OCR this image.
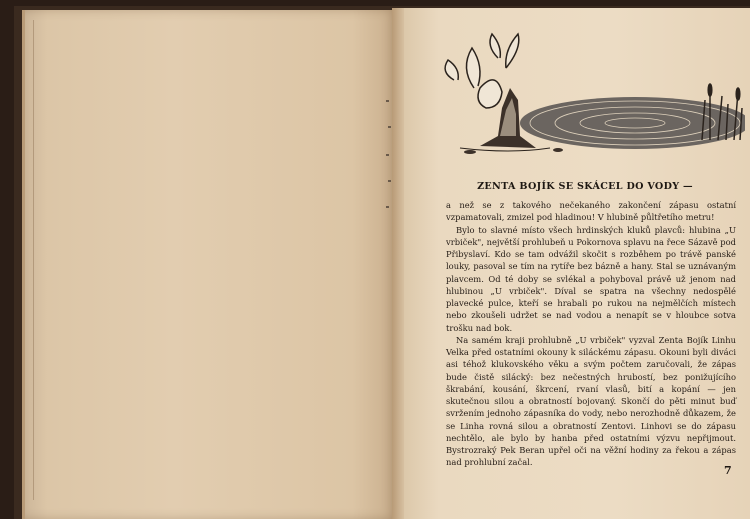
ZENTA BOJÍK SE SKÁCEL DO VODY —

a než se z takového nečekaného zakončení zápasu ostatní vzpamatovali, zmizel pod hladinou! V hlubině půltřetího metru!

Bylo to slavné místo všech hrdinských kluků plavců: hlubina „U vrbiček", největší prohlubeň u Pokornova splavu na řece Sázavě pod Přibyslaví. Kdo se tam odvážil skočit s rozběhem po trávě panské louky, pasoval se tím na rytíře bez bázně a hany. Stal se uznávaným plavcem. Od té doby se svlékal a pohyboval právě už jenom nad hlubinou „U vrbiček". Díval se spatra na všechny nedospělé plavecké pulce, kteří se hrabali po rukou na nejmělčích místech nebo zkoušeli udržet se nad vodou a nenapít se v hloubce sotva trošku nad bok.

Na samém kraji prohlubně „U vrbiček" vyzval Zenta Bojík Linhu Velka před ostatními okouny k siláckému zápasu. Okouni byli diváci asi téhož klukovského věku a svým počtem zaručovali, že zápas bude čistě silácký: bez nečestných hrubostí, bez ponižujícího škrabání, kousání, škrcení, rvaní vlasů, bití a kopání — jen skutečnou silou a obratností bojovaný. Skončí do pěti minut buď svržením jednoho zápasníka do vody, nebo nerozhodně důkazem, že se Linha rovná silou a obratností Zentovi. Linhovi se do zápasu nechtělo, ale bylo by hanba před ostatními výzvu nepřijmout. Bystrozraký Pek Beran upřel oči na věžní hodiny za řekou a zápas nad prohlubní začal.

7
